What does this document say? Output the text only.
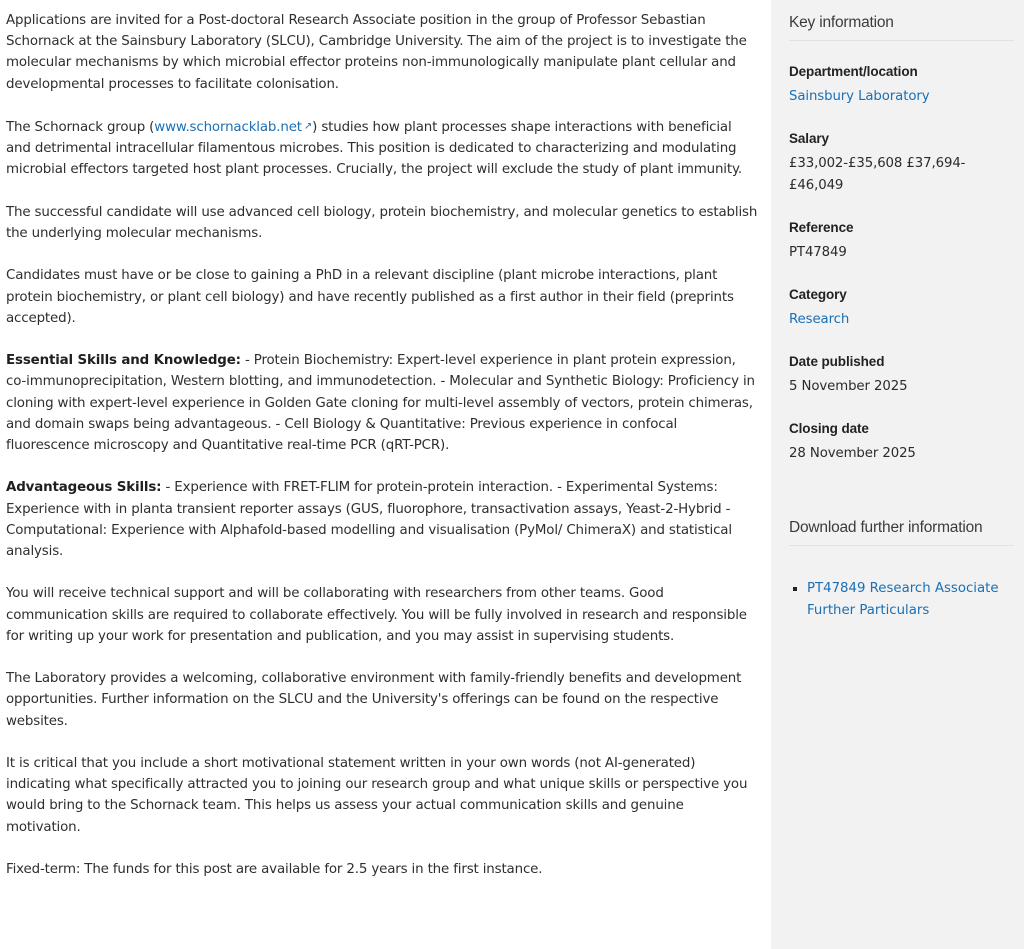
Applications are invited for a Post-doctoral Research Associate position in the group of Professor Sebastian Schornack at the Sainsbury Laboratory (SLCU), Cambridge University. The aim of the project is to investigate the molecular mechanisms by which microbial effector proteins non-immunologically manipulate plant cellular and developmental processes to facilitate colonisation.

The Schornack group (www.schornacklab.net ↗︎) studies how plant processes shape interactions with beneficial and detrimental intracellular filamentous microbes. This position is dedicated to characterizing and modulating microbial effectors targeted host plant processes. Crucially, the project will exclude the study of plant immunity.

The successful candidate will use advanced cell biology, protein biochemistry, and molecular genetics to establish the underlying molecular mechanisms.

Candidates must have or be close to gaining a PhD in a relevant discipline (plant microbe interactions, plant protein biochemistry, or plant cell biology) and have recently published as a first author in their field (preprints accepted).

Essential Skills and Knowledge: - Protein Biochemistry: Expert-level experience in plant protein expression, co-immunoprecipitation, Western blotting, and immunodetection. - Molecular and Synthetic Biology: Proficiency in cloning with expert-level experience in Golden Gate cloning for multi-level assembly of vectors, protein chimeras, and domain swaps being advantageous. - Cell Biology & Quantitative: Previous experience in confocal fluorescence microscopy and Quantitative real-time PCR (qRT-PCR).

Advantageous Skills: - Experience with FRET-FLIM for protein-protein interaction. - Experimental Systems: Experience with in planta transient reporter assays (GUS, fluorophore, transactivation assays, Yeast-2-Hybrid - Computational: Experience with Alphafold-based modelling and visualisation (PyMol/ ChimeraX) and statistical analysis.

You will receive technical support and will be collaborating with researchers from other teams. Good communication skills are required to collaborate effectively. You will be fully involved in research and responsible for writing up your work for presentation and publication, and you may assist in supervising students.

The Laboratory provides a welcoming, collaborative environment with family-friendly benefits and development opportunities. Further information on the SLCU and the University's offerings can be found on the respective websites.

It is critical that you include a short motivational statement written in your own words (not AI-generated) indicating what specifically attracted you to joining our research group and what unique skills or perspective you would bring to the Schornack team. This helps us assess your actual communication skills and genuine motivation.

Fixed-term: The funds for this post are available for 2.5 years in the first instance.

Key information
Department/location
Sainsbury Laboratory
Salary
£33,002-£35,608 £37,694-£46,049
Reference
PT47849
Category
Research
Date published
5 November 2025
Closing date
28 November 2025
Download further information
PT47849 Research Associate Further Particulars
